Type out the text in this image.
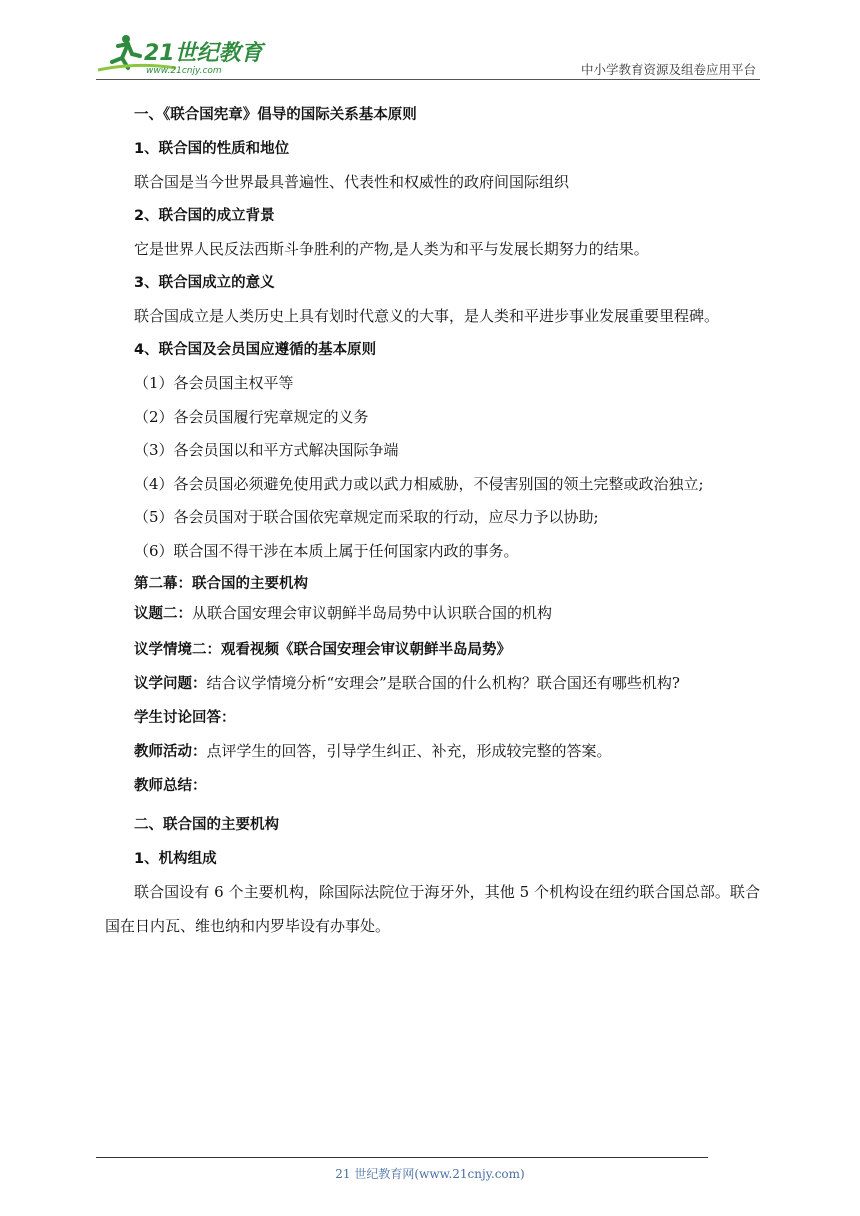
21世纪教育
www.21cnjy.com	中小学教育资源及组卷应用平台
一、《联合国宪章》倡导的国际关系基本原则
1、联合国的性质和地位
联合国是当今世界最具普遍性、代表性和权威性的政府间国际组织
2、联合国的成立背景
它是世界人民反法西斯斗争胜利的产物,是人类为和平与发展长期努力的结果。
3、联合国成立的意义
联合国成立是人类历史上具有划时代意义的大事，是人类和平进步事业发展重要里程碑。
4、联合国及会员国应遵循的基本原则
（1）各会员国主权平等
（2）各会员国履行宪章规定的义务
（3）各会员国以和平方式解决国际争端
（4）各会员国必须避免使用武力或以武力相威胁，不侵害别国的领土完整或政治独立;
（5）各会员国对于联合国依宪章规定而采取的行动，应尽力予以协助;
（6）联合国不得干涉在本质上属于任何国家内政的事务。
第二幕：联合国的主要机构
议题二：从联合国安理会审议朝鲜半岛局势中认识联合国的机构
议学情境二：观看视频《联合国安理会审议朝鲜半岛局势》
议学问题：结合议学情境分析“安理会”是联合国的什么机构？联合国还有哪些机构?
学生讨论回答：
教师活动：点评学生的回答，引导学生纠正、补充，形成较完整的答案。
教师总结：
二、联合国的主要机构
1、机构组成
联合国设有 6 个主要机构，除国际法院位于海牙外，其他 5 个机构设在纽约联合国总部。联合国在日内瓦、维也纳和内罗毕设有办事处。
21 世纪教育网(www.21cnjy.com)
